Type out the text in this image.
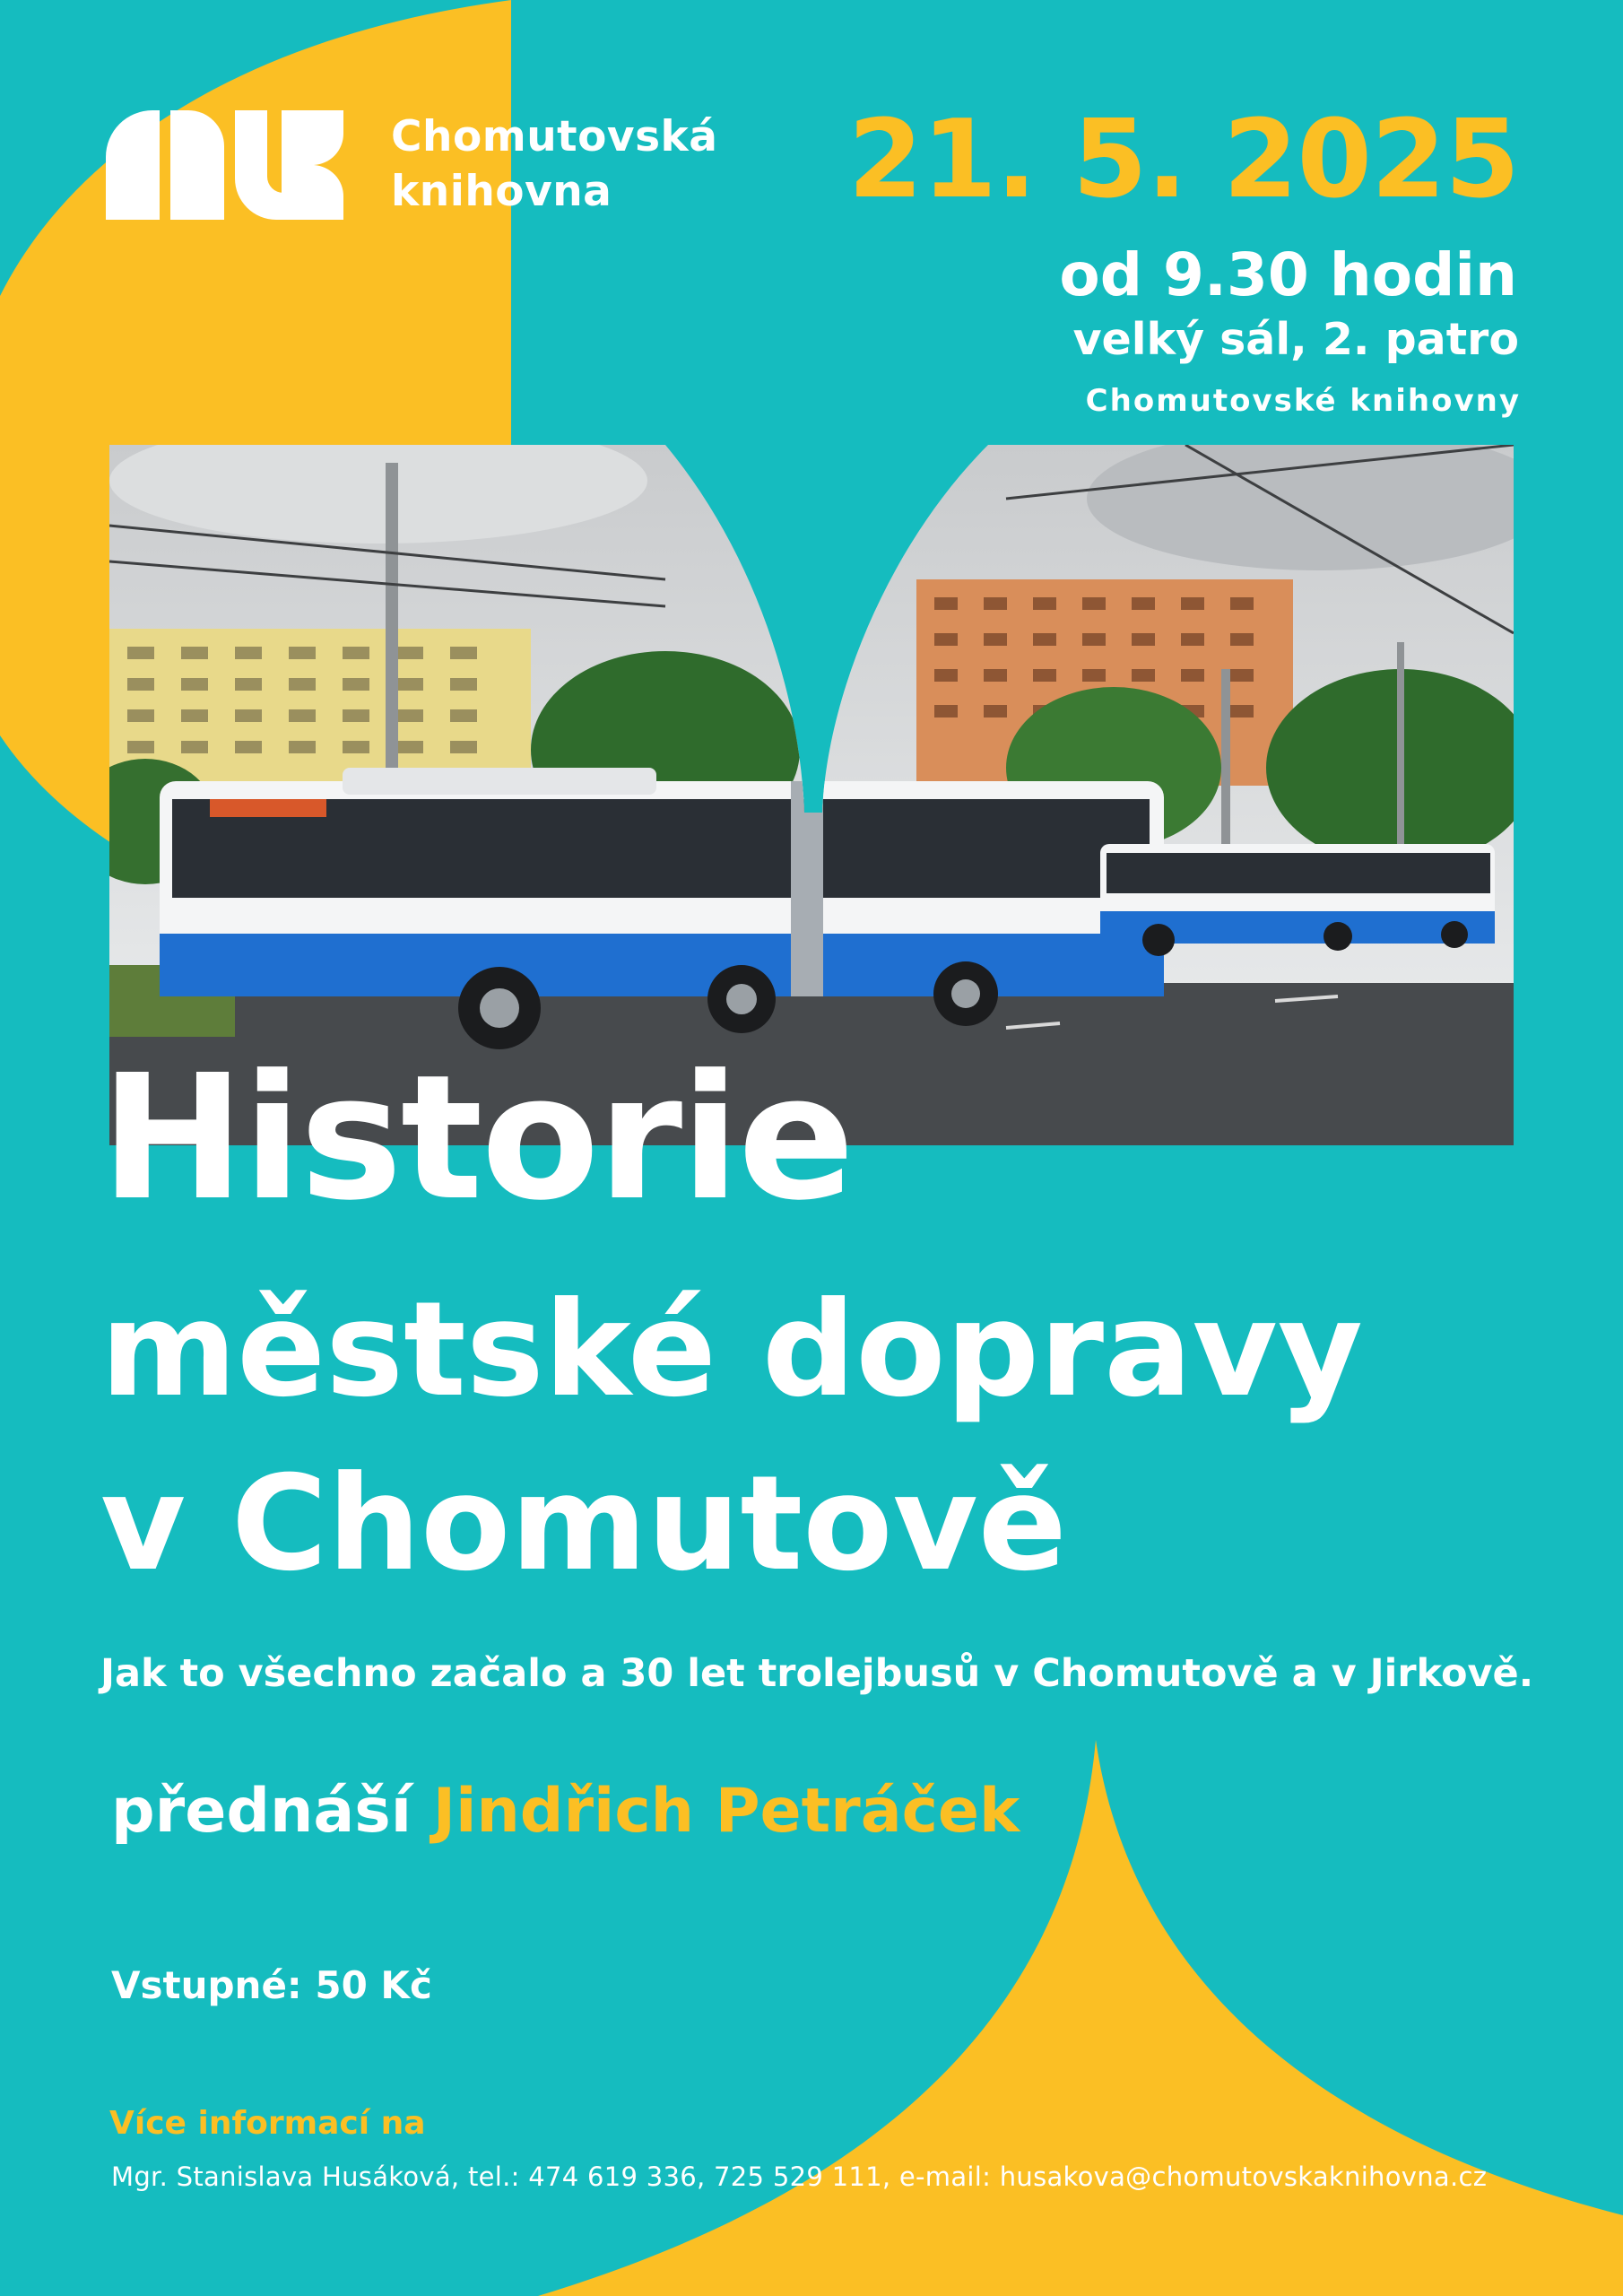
Chomutovská
knihovna	21. 5. 2025
od 9.30 hodin
velký sál, 2. patro
Chomutovské knihovny
Historie
městské dopravy
v Chomutově
Jak to všechno začalo a 30 let trolejbusů v Chomutově a v Jirkově.
přednáší Jindřich Petráček
Vstupné: 50 Kč
Více informací na
Mgr. Stanislava Husáková, tel.: 474 619 336, 725 529 111, e-mail: husakova@chomutovskaknihovna.cz
